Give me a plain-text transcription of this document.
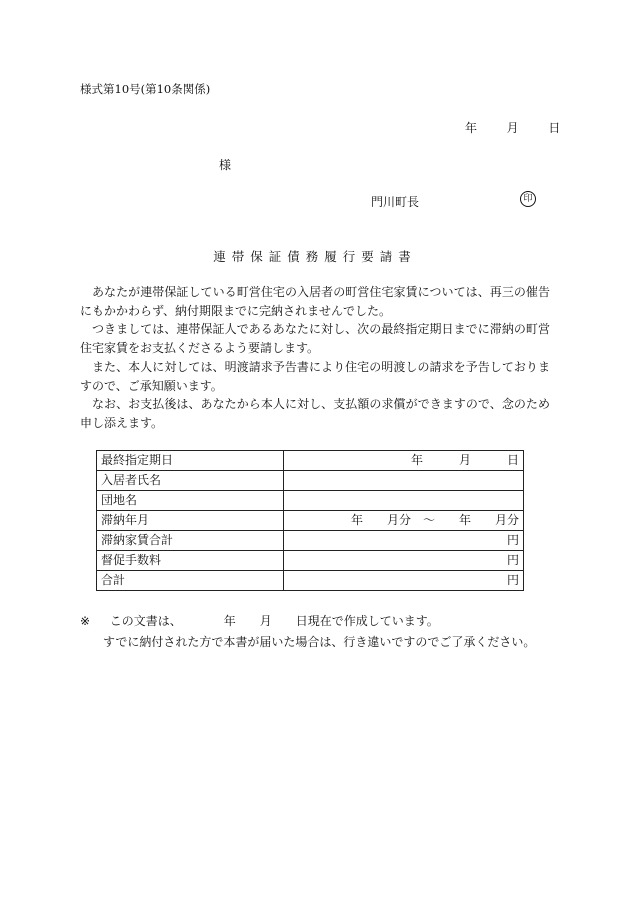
様式第10号(第10条関係)
年 月 日
様
門川町長	印
連帯保証債務履行要請書

あなたが連帯保証している町営住宅の入居者の町営住宅家賃については、再三の催告にもかかわらず、納付期限までに完納されませんでした。

つきましては、連帯保証人であるあなたに対し、次の最終指定期日までに滞納の町営住宅家賃をお支払くださるよう要請します。

また、本人に対しては、明渡請求予告書により住宅の明渡しの請求を予告しておりますので、ご承知願います。

なお、お支払後は、あなたから本人に対し、支払額の求償ができますので、念のため申し添えます。

最終指定期日	年　　　月　　　日
入居者氏名	
団地名	
滞納年月	年　　月分　～　　年　　月分
滞納家賃合計	円
督促手数料	円
合計	円
※ この文書は、　　　　年　　月　　日現在で作成しています。
すでに納付された方で本書が届いた場合は、行き違いですのでご了承ください。
